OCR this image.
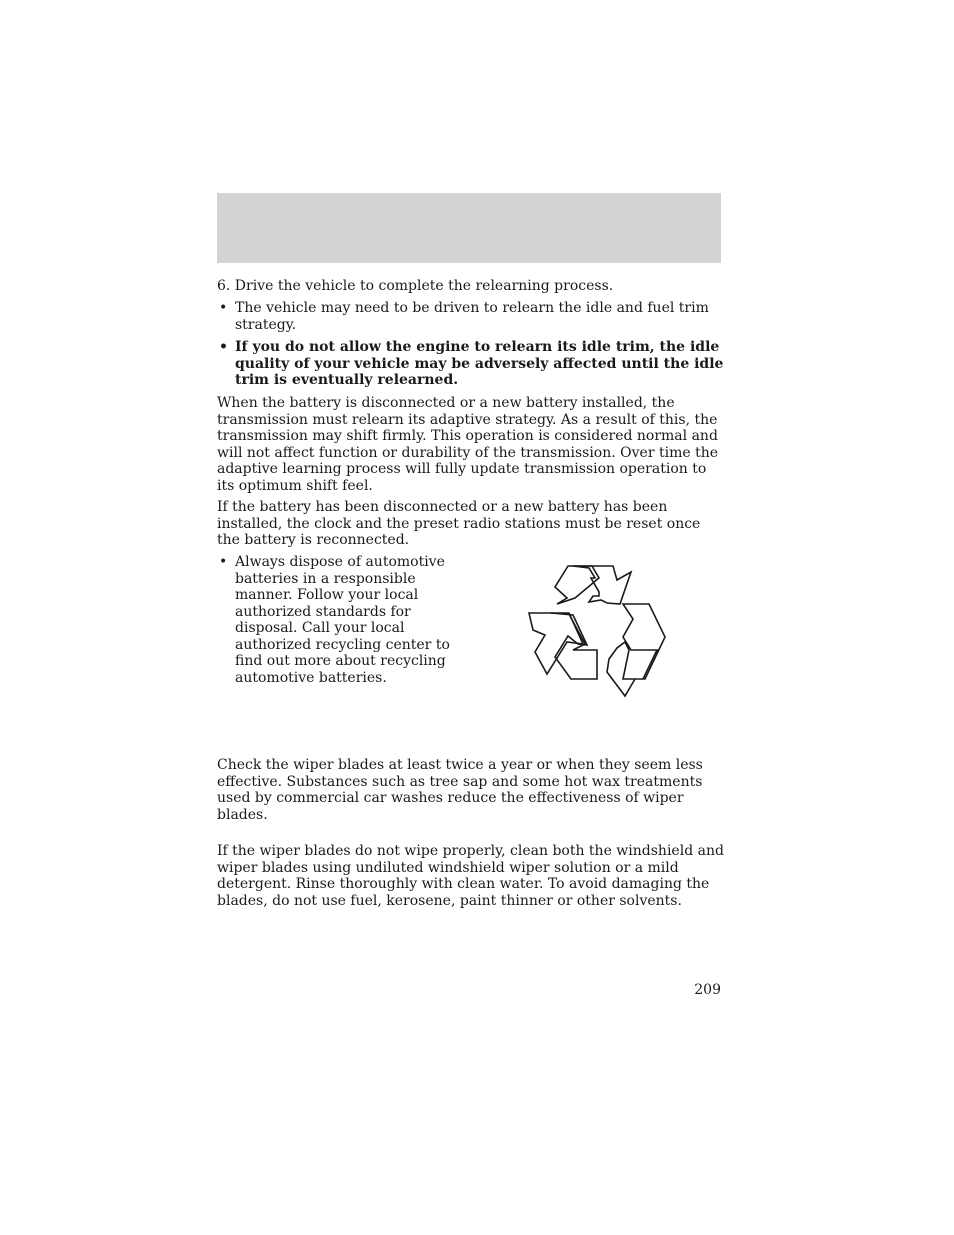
6. Drive the vehicle to complete the relearning process.

• The vehicle may need to be driven to relearn the idle and fuel trim strategy.
• If you do not allow the engine to relearn its idle trim, the idle quality of your vehicle may be adversely affected until the idle trim is eventually relearned.

When the battery is disconnected or a new battery installed, the transmission must relearn its adaptive strategy. As a result of this, the transmission may shift firmly. This operation is considered normal and will not affect function or durability of the transmission. Over time the adaptive learning process will fully update transmission operation to its optimum shift feel.

If the battery has been disconnected or a new battery has been installed, the clock and the preset radio stations must be reset once the battery is reconnected.

• Always dispose of automotive batteries in a responsible manner. Follow your local authorized standards for disposal. Call your local authorized recycling center to find out more about recycling automotive batteries.

Check the wiper blades at least twice a year or when they seem less effective. Substances such as tree sap and some hot wax treatments used by commercial car washes reduce the effectiveness of wiper blades.

If the wiper blades do not wipe properly, clean both the windshield and wiper blades using undiluted windshield wiper solution or a mild detergent. Rinse thoroughly with clean water. To avoid damaging the blades, do not use fuel, kerosene, paint thinner or other solvents.

209
